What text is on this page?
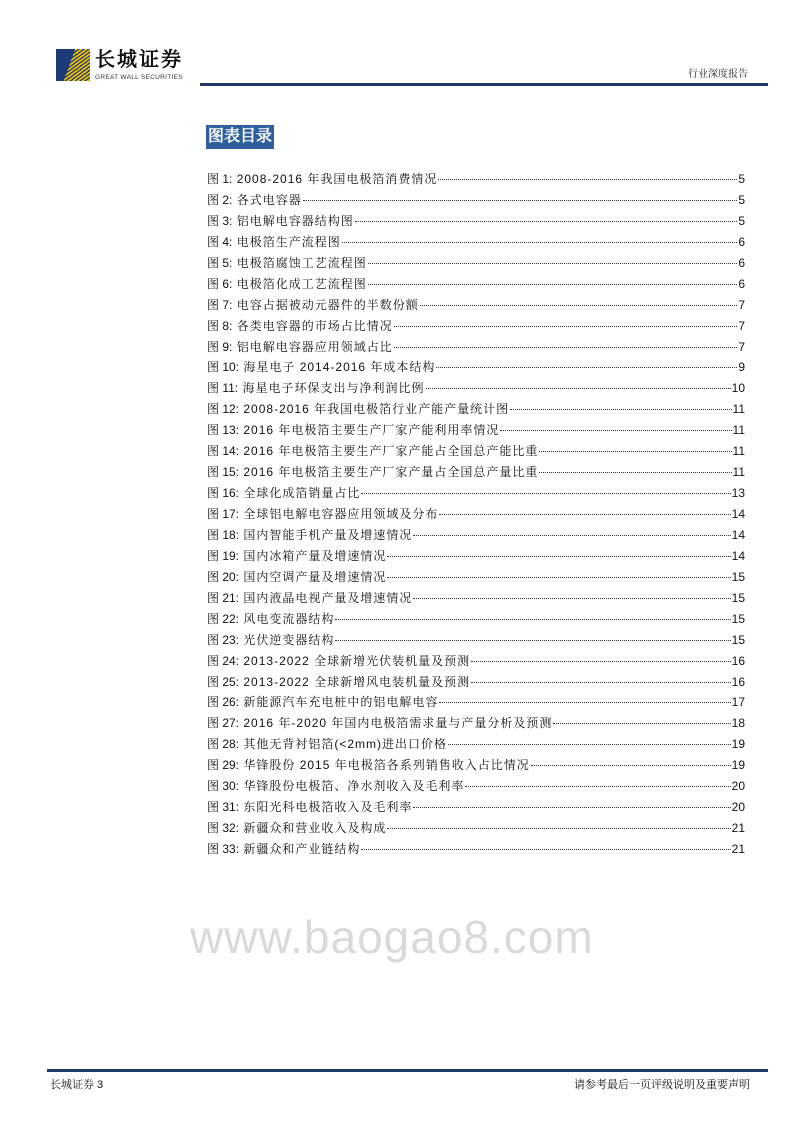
长城证券
GREAT WALL SECURITIES	行业深度报告
图表目录
图 1: 2008-2016 年我国电极箔消费情况	5
图 2: 各式电容器	5
图 3: 铝电解电容器结构图	5
图 4: 电极箔生产流程图	6
图 5: 电极箔腐蚀工艺流程图	6
图 6: 电极箔化成工艺流程图	6
图 7: 电容占据被动元器件的半数份额	7
图 8: 各类电容器的市场占比情况	7
图 9: 铝电解电容器应用领域占比	7
图 10: 海星电子 2014-2016 年成本结构	9
图 11: 海星电子环保支出与净利润比例	10
图 12: 2008-2016 年我国电极箔行业产能产量统计图	11
图 13: 2016 年电极箔主要生产厂家产能利用率情况	11
图 14: 2016 年电极箔主要生产厂家产能占全国总产能比重	11
图 15: 2016 年电极箔主要生产厂家产量占全国总产量比重	11
图 16: 全球化成箔销量占比	13
图 17: 全球铝电解电容器应用领域及分布	14
图 18: 国内智能手机产量及增速情况	14
图 19: 国内冰箱产量及增速情况	14
图 20: 国内空调产量及增速情况	15
图 21: 国内液晶电视产量及增速情况	15
图 22: 风电变流器结构	15
图 23: 光伏逆变器结构	15
图 24: 2013-2022 全球新增光伏装机量及预测	16
图 25: 2013-2022 全球新增风电装机量及预测	16
图 26: 新能源汽车充电桩中的铝电解电容	17
图 27: 2016 年-2020 年国内电极箔需求量与产量分析及预测	18
图 28: 其他无背衬铝箔(<2mm)进出口价格	19
图 29: 华锋股份 2015 年电极箔各系列销售收入占比情况	19
图 30: 华锋股份电极箔、净水剂收入及毛利率	20
图 31: 东阳光科电极箔收入及毛利率	20
图 32: 新疆众和营业收入及构成	21
图 33: 新疆众和产业链结构	21
www.baogao8.com
长城证券 3	请参考最后一页评级说明及重要声明
